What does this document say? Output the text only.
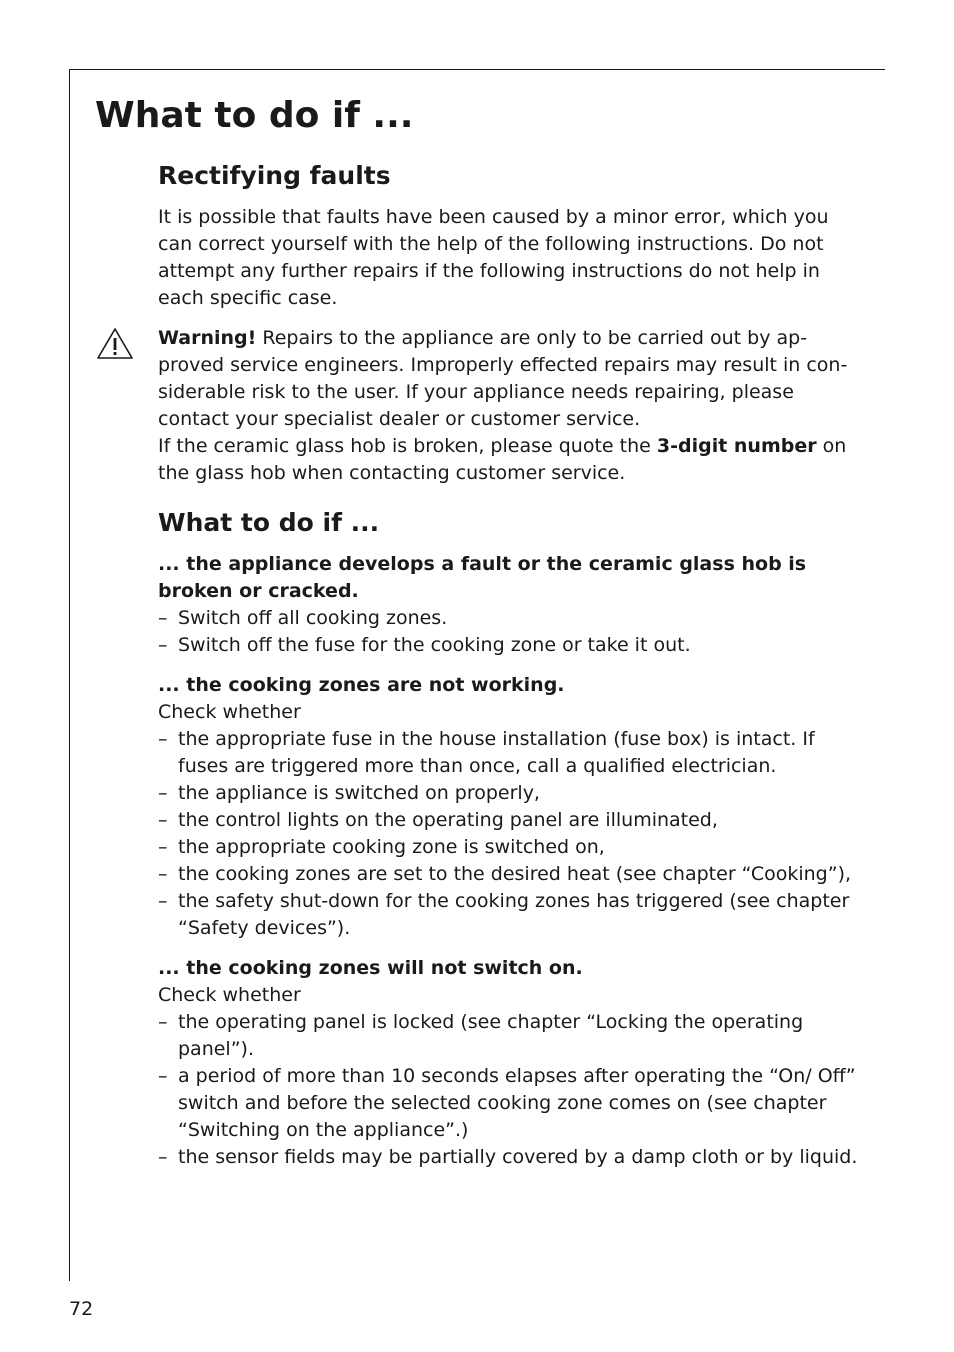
What to do if ...
Rectifying faults

It is possible that faults have been caused by a minor error, which you can correct yourself with the help of the following instructions. Do not attempt any further repairs if the following instructions do not help in each specific case.

Warning! Repairs to the appliance are only to be carried out by approved service engineers. Improperly effected repairs may result in considerable risk to the user. If your appliance needs repairing, please contact your specialist dealer or customer service.

If the ceramic glass hob is broken, please quote the 3-digit number on the glass hob when contacting customer service.

What to do if ...

... the appliance develops a fault or the ceramic glass hob is broken or cracked.

– Switch off all cooking zones.
– Switch off the fuse for the cooking zone or take it out.

... the cooking zones are not working.

Check whether

– the appropriate fuse in the house installation (fuse box) is intact. If fuses are triggered more than once, call a qualified electrician.
– the appliance is switched on properly,
– the control lights on the operating panel are illuminated,
– the appropriate cooking zone is switched on,
– the cooking zones are set to the desired heat (see chapter “Cooking”),
– the safety shut-down for the cooking zones has triggered (see chapter “Safety devices”).

... the cooking zones will not switch on.

Check whether

– the operating panel is locked (see chapter “Locking the operating panel”).
– a period of more than 10 seconds elapses after operating the “On/ Off” switch and before the selected cooking zone comes on (see chapter “Switching on the appliance”.)
– the sensor fields may be partially covered by a damp cloth or by liquid.
72
